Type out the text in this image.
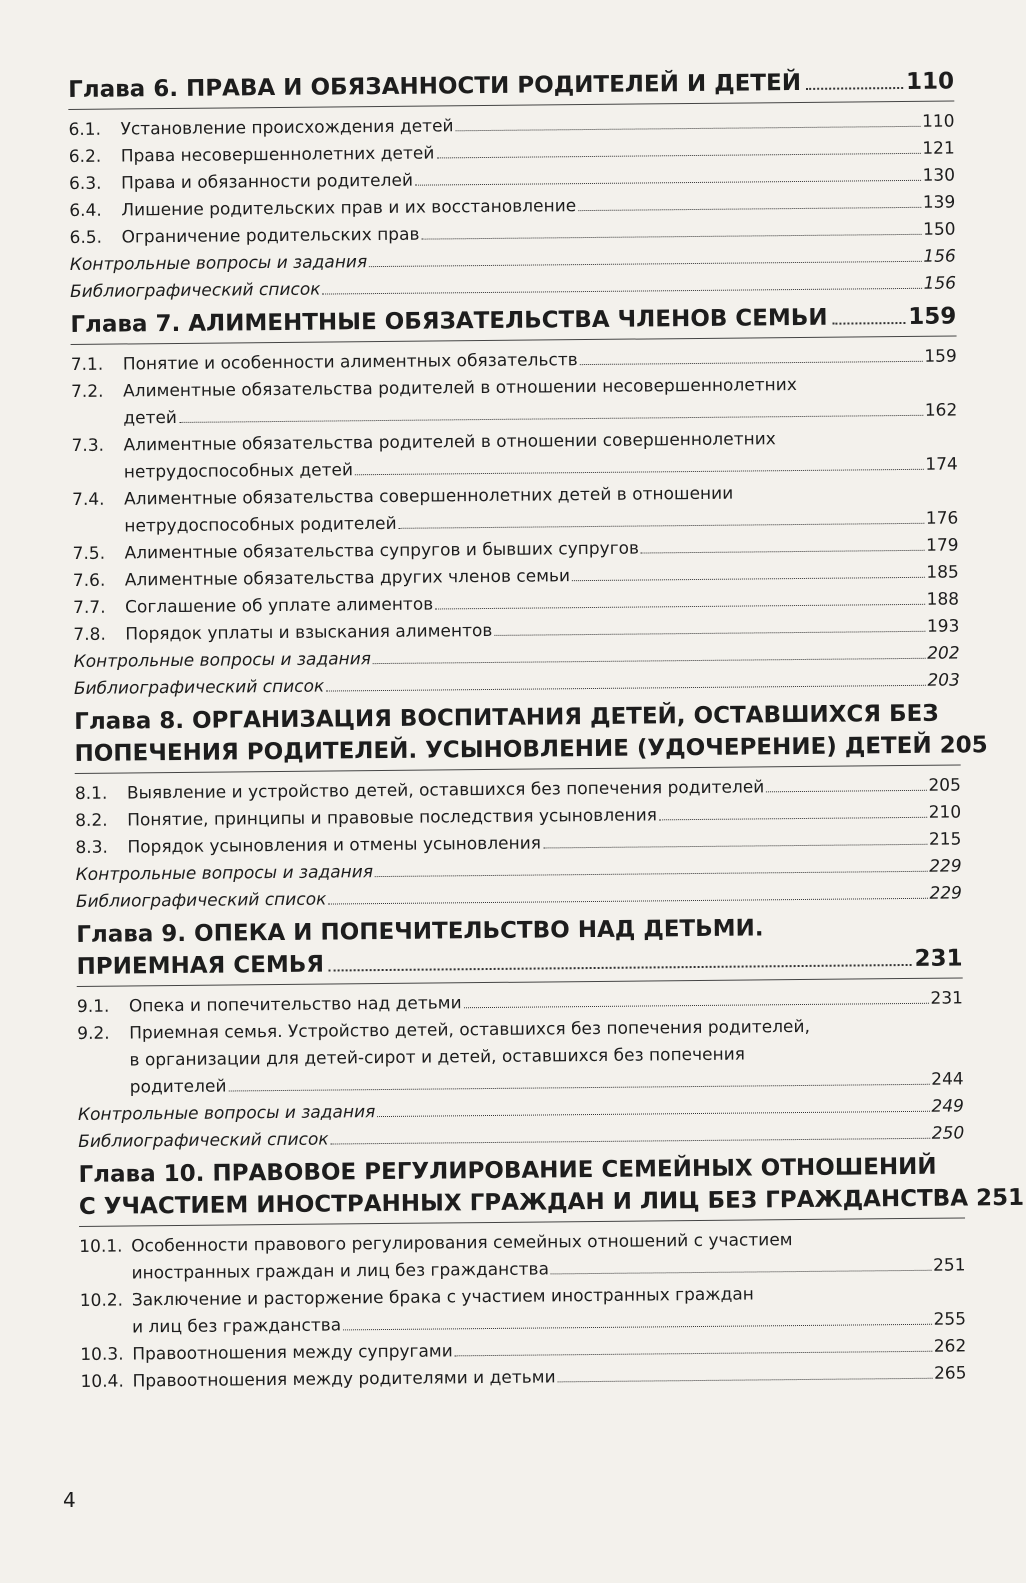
Глава 6. ПРАВА И ОБЯЗАННОСТИ РОДИТЕЛЕЙ И ДЕТЕЙ	110
6.1.	Установление происхождения детей	110
6.2.	Права несовершеннолетних детей	121
6.3.	Права и обязанности родителей	130
6.4.	Лишение родительских прав и их восстановление	139
6.5.	Ограничение родительских прав	150
Контрольные вопросы и задания	156
Библиографический список	156
Глава 7. АЛИМЕНТНЫЕ ОБЯЗАТЕЛЬСТВА ЧЛЕНОВ СЕМЬИ	159
7.1.	Понятие и особенности алиментных обязательств	159
7.2.	Алиментные обязательства родителей в отношении несовершеннолетних
детей	162
7.3.	Алиментные обязательства родителей в отношении совершеннолетних
нетрудоспособных детей	174
7.4.	Алиментные обязательства совершеннолетних детей в отношении
нетрудоспособных родителей	176
7.5.	Алиментные обязательства супругов и бывших супругов	179
7.6.	Алиментные обязательства других членов семьи	185
7.7.	Соглашение об уплате алиментов	188
7.8.	Порядок уплаты и взыскания алиментов	193
Контрольные вопросы и задания	202
Библиографический список	203
Глава 8. ОРГАНИЗАЦИЯ ВОСПИТАНИЯ ДЕТЕЙ, ОСТАВШИХСЯ БЕЗ
ПОПЕЧЕНИЯ РОДИТЕЛЕЙ. УСЫНОВЛЕНИЕ (УДОЧЕРЕНИЕ) ДЕТЕЙ 205
8.1.	Выявление и устройство детей, оставшихся без попечения родителей	205
8.2.	Понятие, принципы и правовые последствия усыновления	210
8.3.	Порядок усыновления и отмены усыновления	215
Контрольные вопросы и задания	229
Библиографический список	229
Глава 9. ОПЕКА И ПОПЕЧИТЕЛЬСТВО НАД ДЕТЬМИ.
ПРИЕМНАЯ СЕМЬЯ	231
9.1.	Опека и попечительство над детьми	231
9.2.	Приемная семья. Устройство детей, оставшихся без попечения родителей,
в организации для детей-сирот и детей, оставшихся без попечения
родителей	244
Контрольные вопросы и задания	249
Библиографический список	250
Глава 10. ПРАВОВОЕ РЕГУЛИРОВАНИЕ СЕМЕЙНЫХ ОТНОШЕНИЙ
С УЧАСТИЕМ ИНОСТРАННЫХ ГРАЖДАН И ЛИЦ БЕЗ ГРАЖДАНСТВА 251
10.1. Особенности правового регулирования семейных отношений с участием
иностранных граждан и лиц без гражданства	251
10.2. Заключение и расторжение брака с участием иностранных граждан
и лиц без гражданства	255
10.3. Правоотношения между супругами	262
10.4. Правоотношения между родителями и детьми	265
4
